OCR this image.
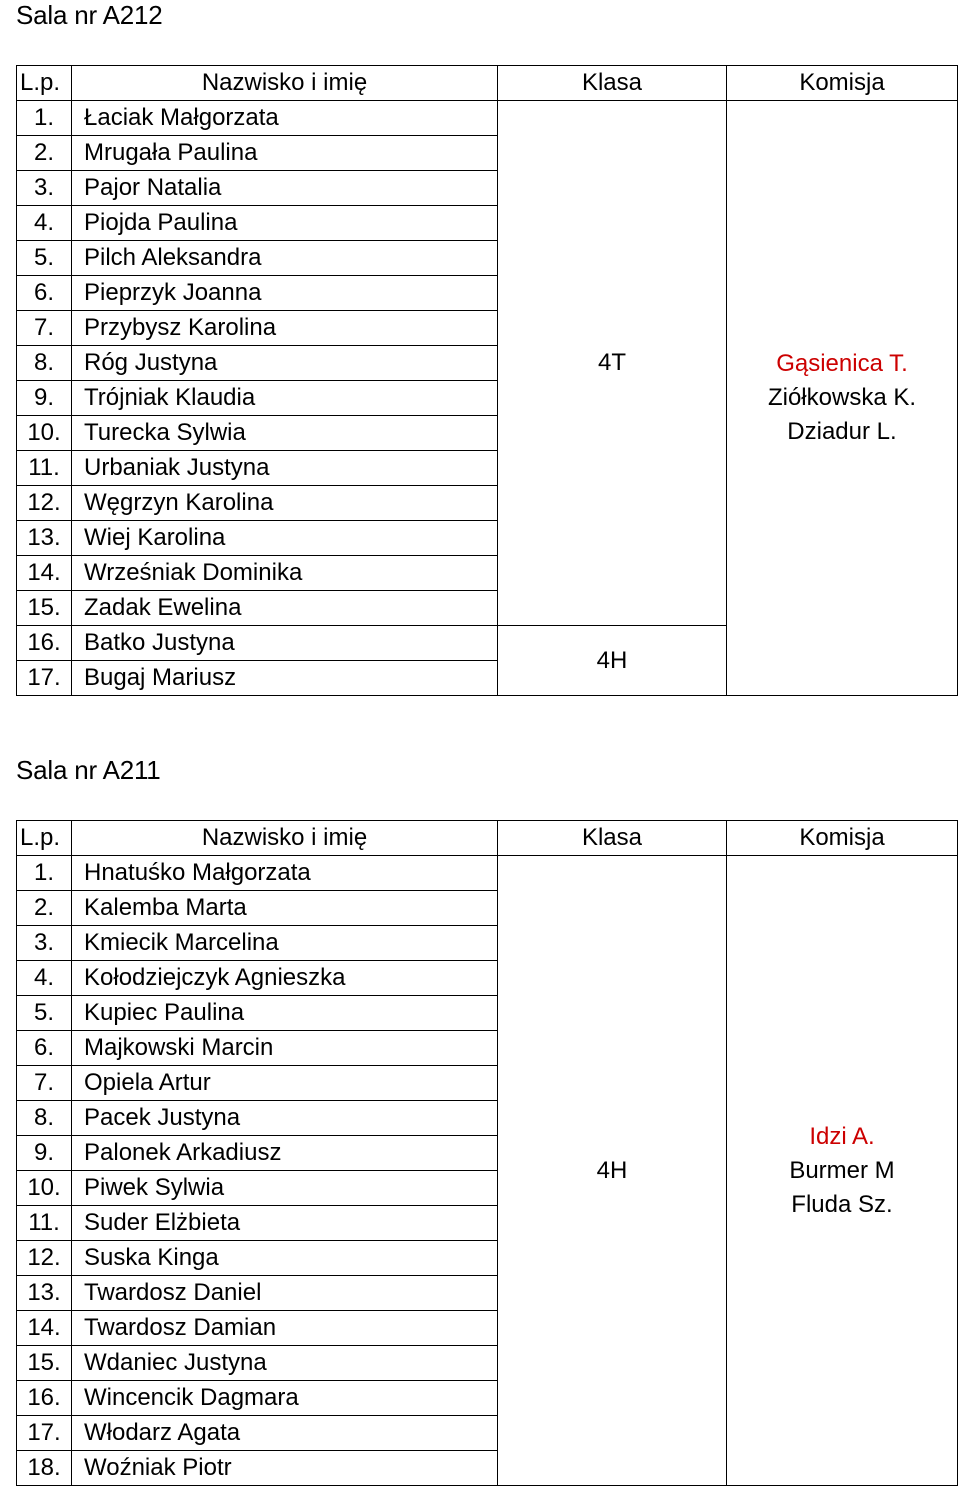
Sala nr A212
L.p.	Nazwisko i imię	Klasa	Komisja
1.	Łaciak Małgorzata	4T	Gąsienica T.
Ziółkowska K.
Dziadur L.

2.	Mrugała Paulina		
3.	Pajor Natalia		
4.	Piojda Paulina		
5.	Pilch Aleksandra		
6.	Pieprzyk Joanna		
7.	Przybysz Karolina		
8.	Róg Justyna		
9.	Trójniak Klaudia		
10.	Turecka Sylwia		
11.	Urbaniak Justyna		
12.	Węgrzyn Karolina		
13.	Wiej Karolina		
14.	Wrześniak Dominika		
15.	Zadak Ewelina		
16.	Batko Justyna	4H	
17.	Bugaj Mariusz		
Sala nr A211
L.p.	Nazwisko i imię	Klasa	Komisja
1.	Hnatuśko Małgorzata	4H	Idzi A.
Burmer M
Fluda Sz.

2.	Kalemba Marta		
3.	Kmiecik Marcelina		
4.	Kołodziejczyk Agnieszka		
5.	Kupiec Paulina		
6.	Majkowski Marcin		
7.	Opiela Artur		
8.	Pacek Justyna		
9.	Palonek Arkadiusz		
10.	Piwek Sylwia		
11.	Suder Elżbieta		
12.	Suska Kinga		
13.	Twardosz Daniel		
14.	Twardosz Damian		
15.	Wdaniec Justyna		
16.	Wincencik Dagmara		
17.	Włodarz Agata		
18.	Woźniak Piotr		
